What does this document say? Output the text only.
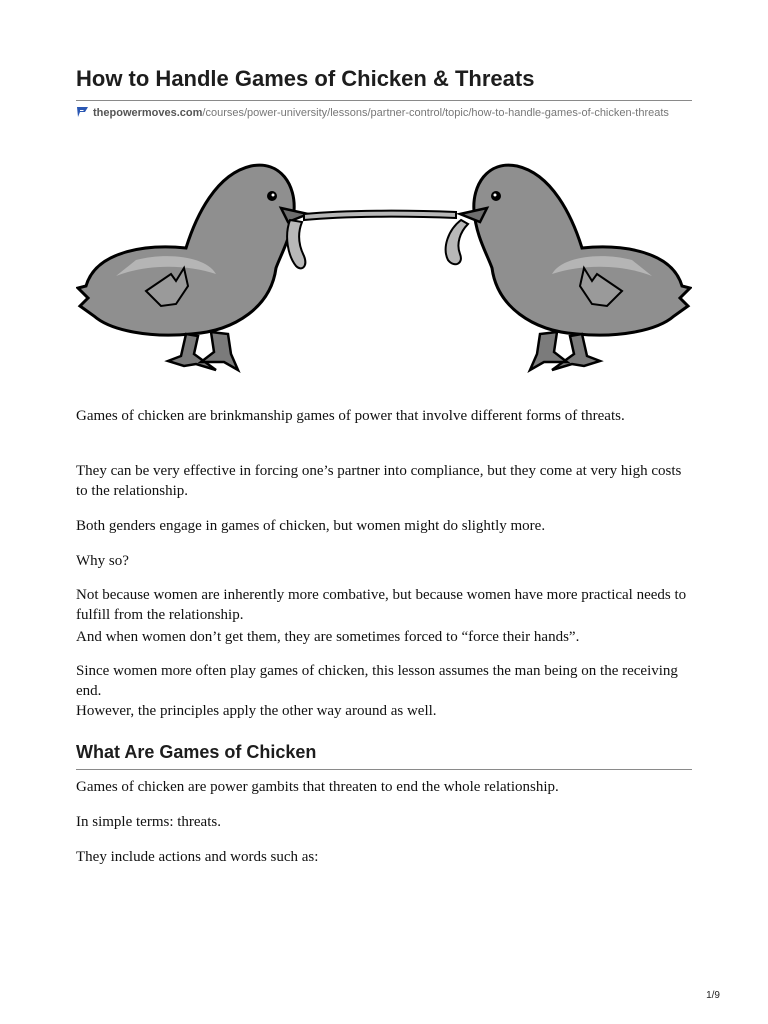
How to Handle Games of Chicken & Threats
thepowermoves.com/courses/power-university/lessons/partner-control/topic/how-to-handle-games-of-chicken-threats

Games of chicken are brinkmanship games of power that involve different forms of threats.

They can be very effective in forcing one’s partner into compliance, but they come at very high costs to the relationship.

Both genders engage in games of chicken, but women might do slightly more.

Why so?

Not because women are inherently more combative, but because women have more practical needs to fulfill from the relationship.

And when women don’t get them, they are sometimes forced to “force their hands”.

Since women more often play games of chicken, this lesson assumes the man being on the receiving end.

However, the principles apply the other way around as well.

What Are Games of Chicken

Games of chicken are power gambits that threaten to end the whole relationship.

In simple terms: threats.

They include actions and words such as:

1/9
